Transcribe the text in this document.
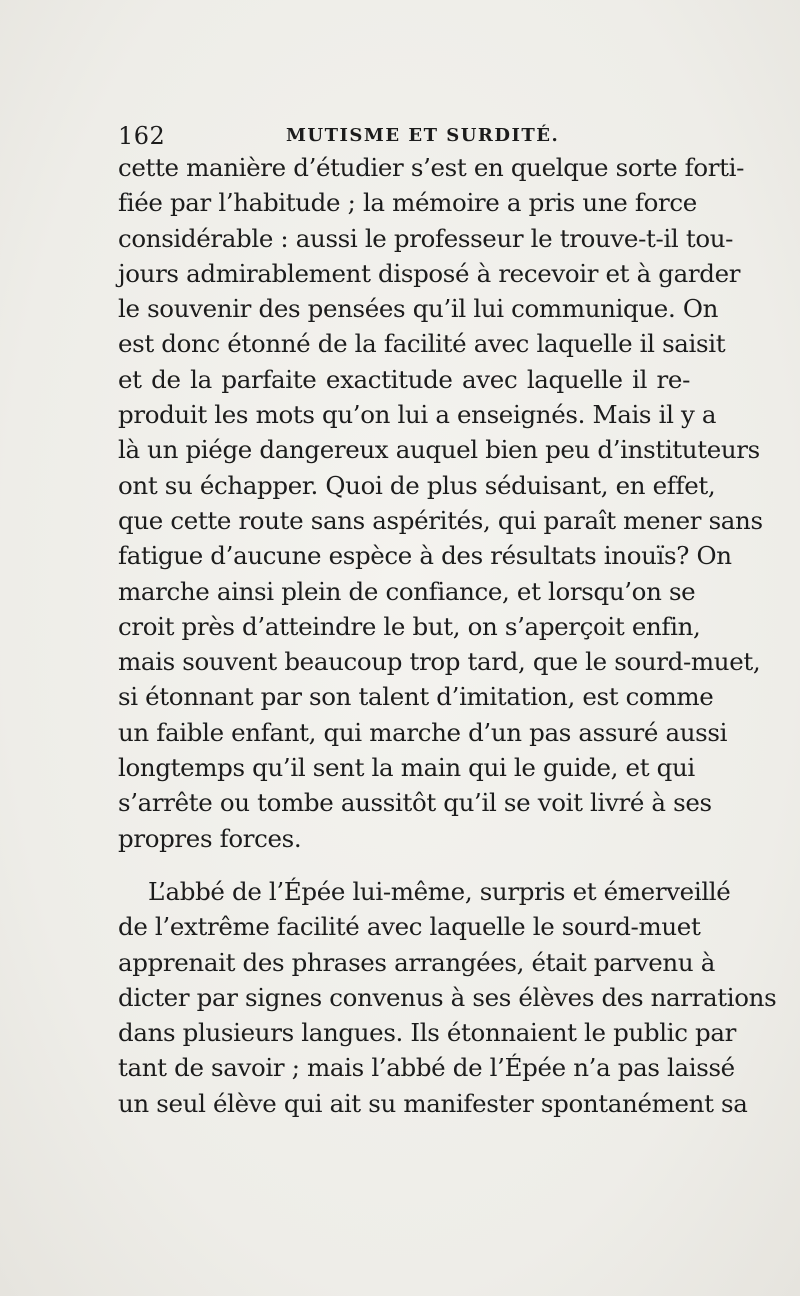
162	MUTISME ET SURDITÉ.
cette manière d’étudier s’est en quelque sorte forti-
fiée par l’habitude ; la mémoire a pris une force
considérable : aussi le professeur le trouve-t-il tou-
jours admirablement disposé à recevoir et à garder
le souvenir des pensées qu’il lui communique. On
est donc étonné de la facilité avec laquelle il saisit
et de la parfaite exactitude avec laquelle il re-
produit les mots qu’on lui a enseignés. Mais il y a
là un piége dangereux auquel bien peu d’instituteurs
ont su échapper. Quoi de plus séduisant, en effet,
que cette route sans aspérités, qui paraît mener sans
fatigue d’aucune espèce à des résultats inouïs? On
marche ainsi plein de confiance, et lorsqu’on se
croit près d’atteindre le but, on s’aperçoit enfin,
mais souvent beaucoup trop tard, que le sourd-muet,
si étonnant par son talent d’imitation, est comme
un faible enfant, qui marche d’un pas assuré aussi
longtemps qu’il sent la main qui le guide, et qui
s’arrête ou tombe aussitôt qu’il se voit livré à ses
propres forces.
L’abbé de l’Épée lui-même, surpris et émerveillé
de l’extrême facilité avec laquelle le sourd-muet
apprenait des phrases arrangées, était parvenu à
dicter par signes convenus à ses élèves des narrations
dans plusieurs langues. Ils étonnaient le public par
tant de savoir ; mais l’abbé de l’Épée n’a pas laissé
un seul élève qui ait su manifester spontanément sa
